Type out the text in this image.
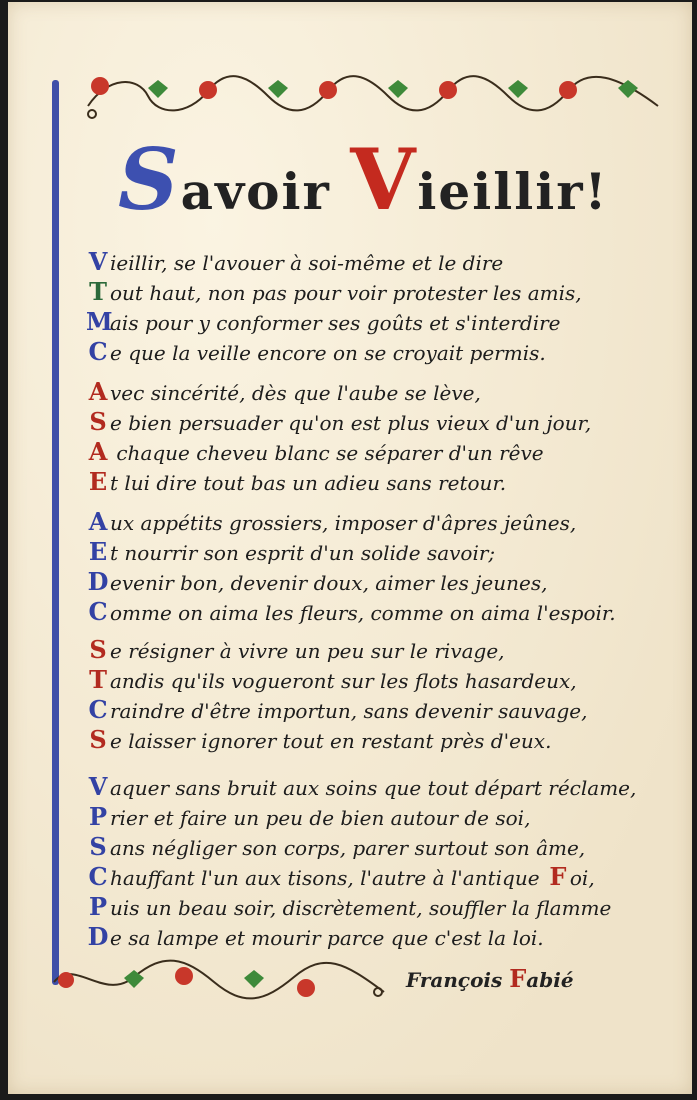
Savoir Vieillir!
V ieillir, se l'avouer à soi-même et le dire
T out haut, non pas pour voir protester les amis,
Mais pour y conformer ses goûts et s'interdire
C e que la veille encore on se croyait permis.
A vec sincérité, dès que l'aube se lève,
S e bien persuader qu'on est plus vieux d'un jour,
A chaque cheveu blanc se séparer d'un rêve
E t lui dire tout bas un adieu sans retour.
A ux appétits grossiers, imposer d'âpres jeûnes,
E t nourrir son esprit d'un solide savoir;
Devenir bon, devenir doux, aimer les jeunes,
C omme on aima les fleurs, comme on aima l'espoir.
S e résigner à vivre un peu sur le rivage,
T andis qu'ils vogueront sur les flots hasardeux,
C raindre d'être importun, sans devenir sauvage,
S e laisser ignorer tout en restant près d'eux.
V aquer sans bruit aux soins que tout départ réclame,
P rier et faire un peu de bien autour de soi,
S ans négliger son corps, parer surtout son âme,
C hauffant l'un aux tisons, l'autre à l'antique F oi,
P uis un beau soir, discrètement, souffler la flamme
De sa lampe et mourir parce que c'est la loi.
François Fabié
